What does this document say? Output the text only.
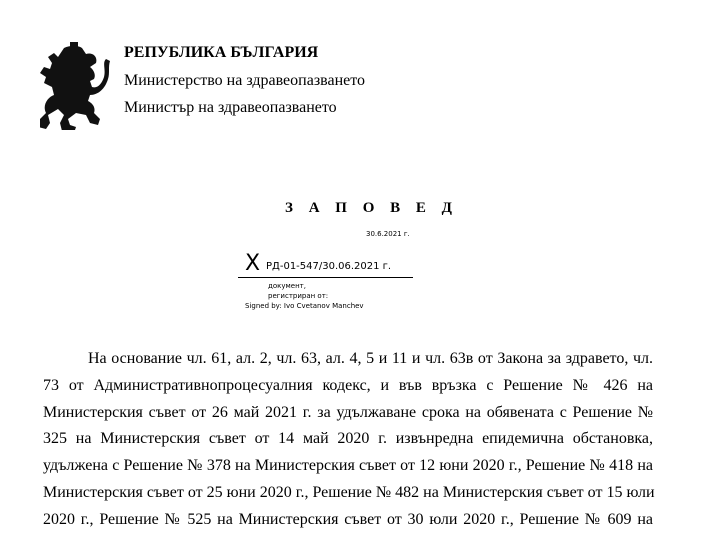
РЕПУБЛИКА БЪЛГАРИЯ
Министерство на здравеопазването
Министър на здравеопазването
З А П О В Е Д
30.6.2021 г.
X РД-01-547/30.06.2021 г.
документ,
регистриран от:
Signed by: Ivo Cvetanov Manchev
На основание чл. 61, ал. 2, чл. 63, ал. 4, 5 и 11 и чл. 63в от Закона за здравето, чл.
73 от Административнопроцесуалния кодекс, и във връзка с Решение № 426 на
Министерския съвет от 26 май 2021 г. за удължаване срока на обявената с Решение №
325 на Министерския съвет от 14 май 2020 г. извънредна епидемична обстановка,
удължена с Решение № 378 на Министерския съвет от 12 юни 2020 г., Решение № 418 на
Министерския съвет от 25 юни 2020 г., Решение № 482 на Министерския съвет от 15 юли
2020 г., Решение № 525 на Министерския съвет от 30 юли 2020 г., Решение № 609 на
